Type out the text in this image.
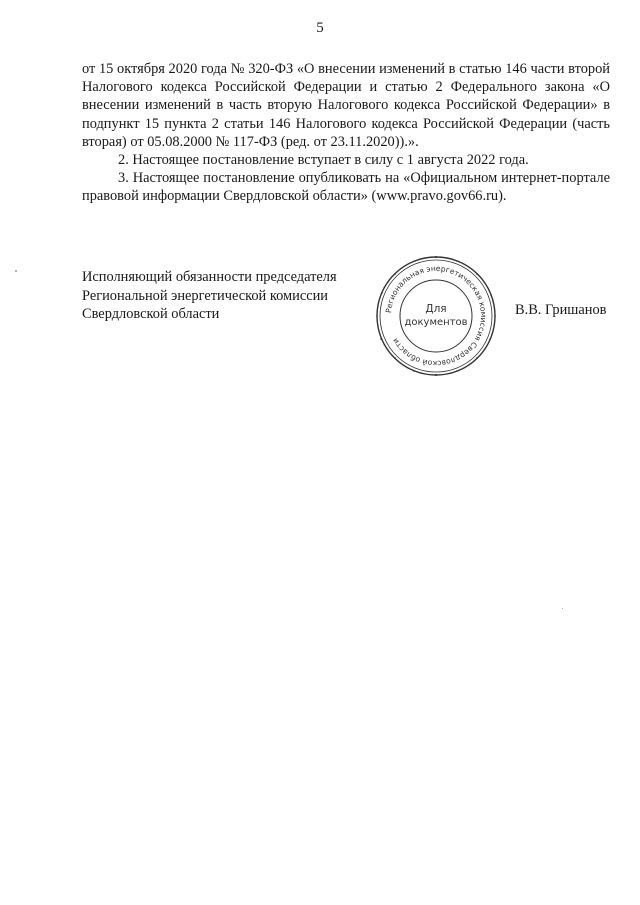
5

от 15 октября 2020 года № 320-ФЗ «О внесении изменений в статью 146 части второй Налогового кодекса Российской Федерации и статью 2 Федерального закона «О внесении изменений в часть вторую Налогового кодекса Российской Федерации» в подпункт 15 пункта 2 статьи 146 Налогового кодекса Российской Федерации (часть вторая) от 05.08.2000 № 117-ФЗ (ред. от 23.11.2020)).».

2. Настоящее постановление вступает в силу с 1 августа 2022 года.

3. Настоящее постановление опубликовать на «Официальном интернет-портале правовой информации Свердловской области» (www.pravo.gov66.ru).

Исполняющий обязанности председателя
Региональной энергетической комиссии
Свердловской области	Региональная энергетическая комиссия Свердловской области
Для
документов
В.В. Гришанов
